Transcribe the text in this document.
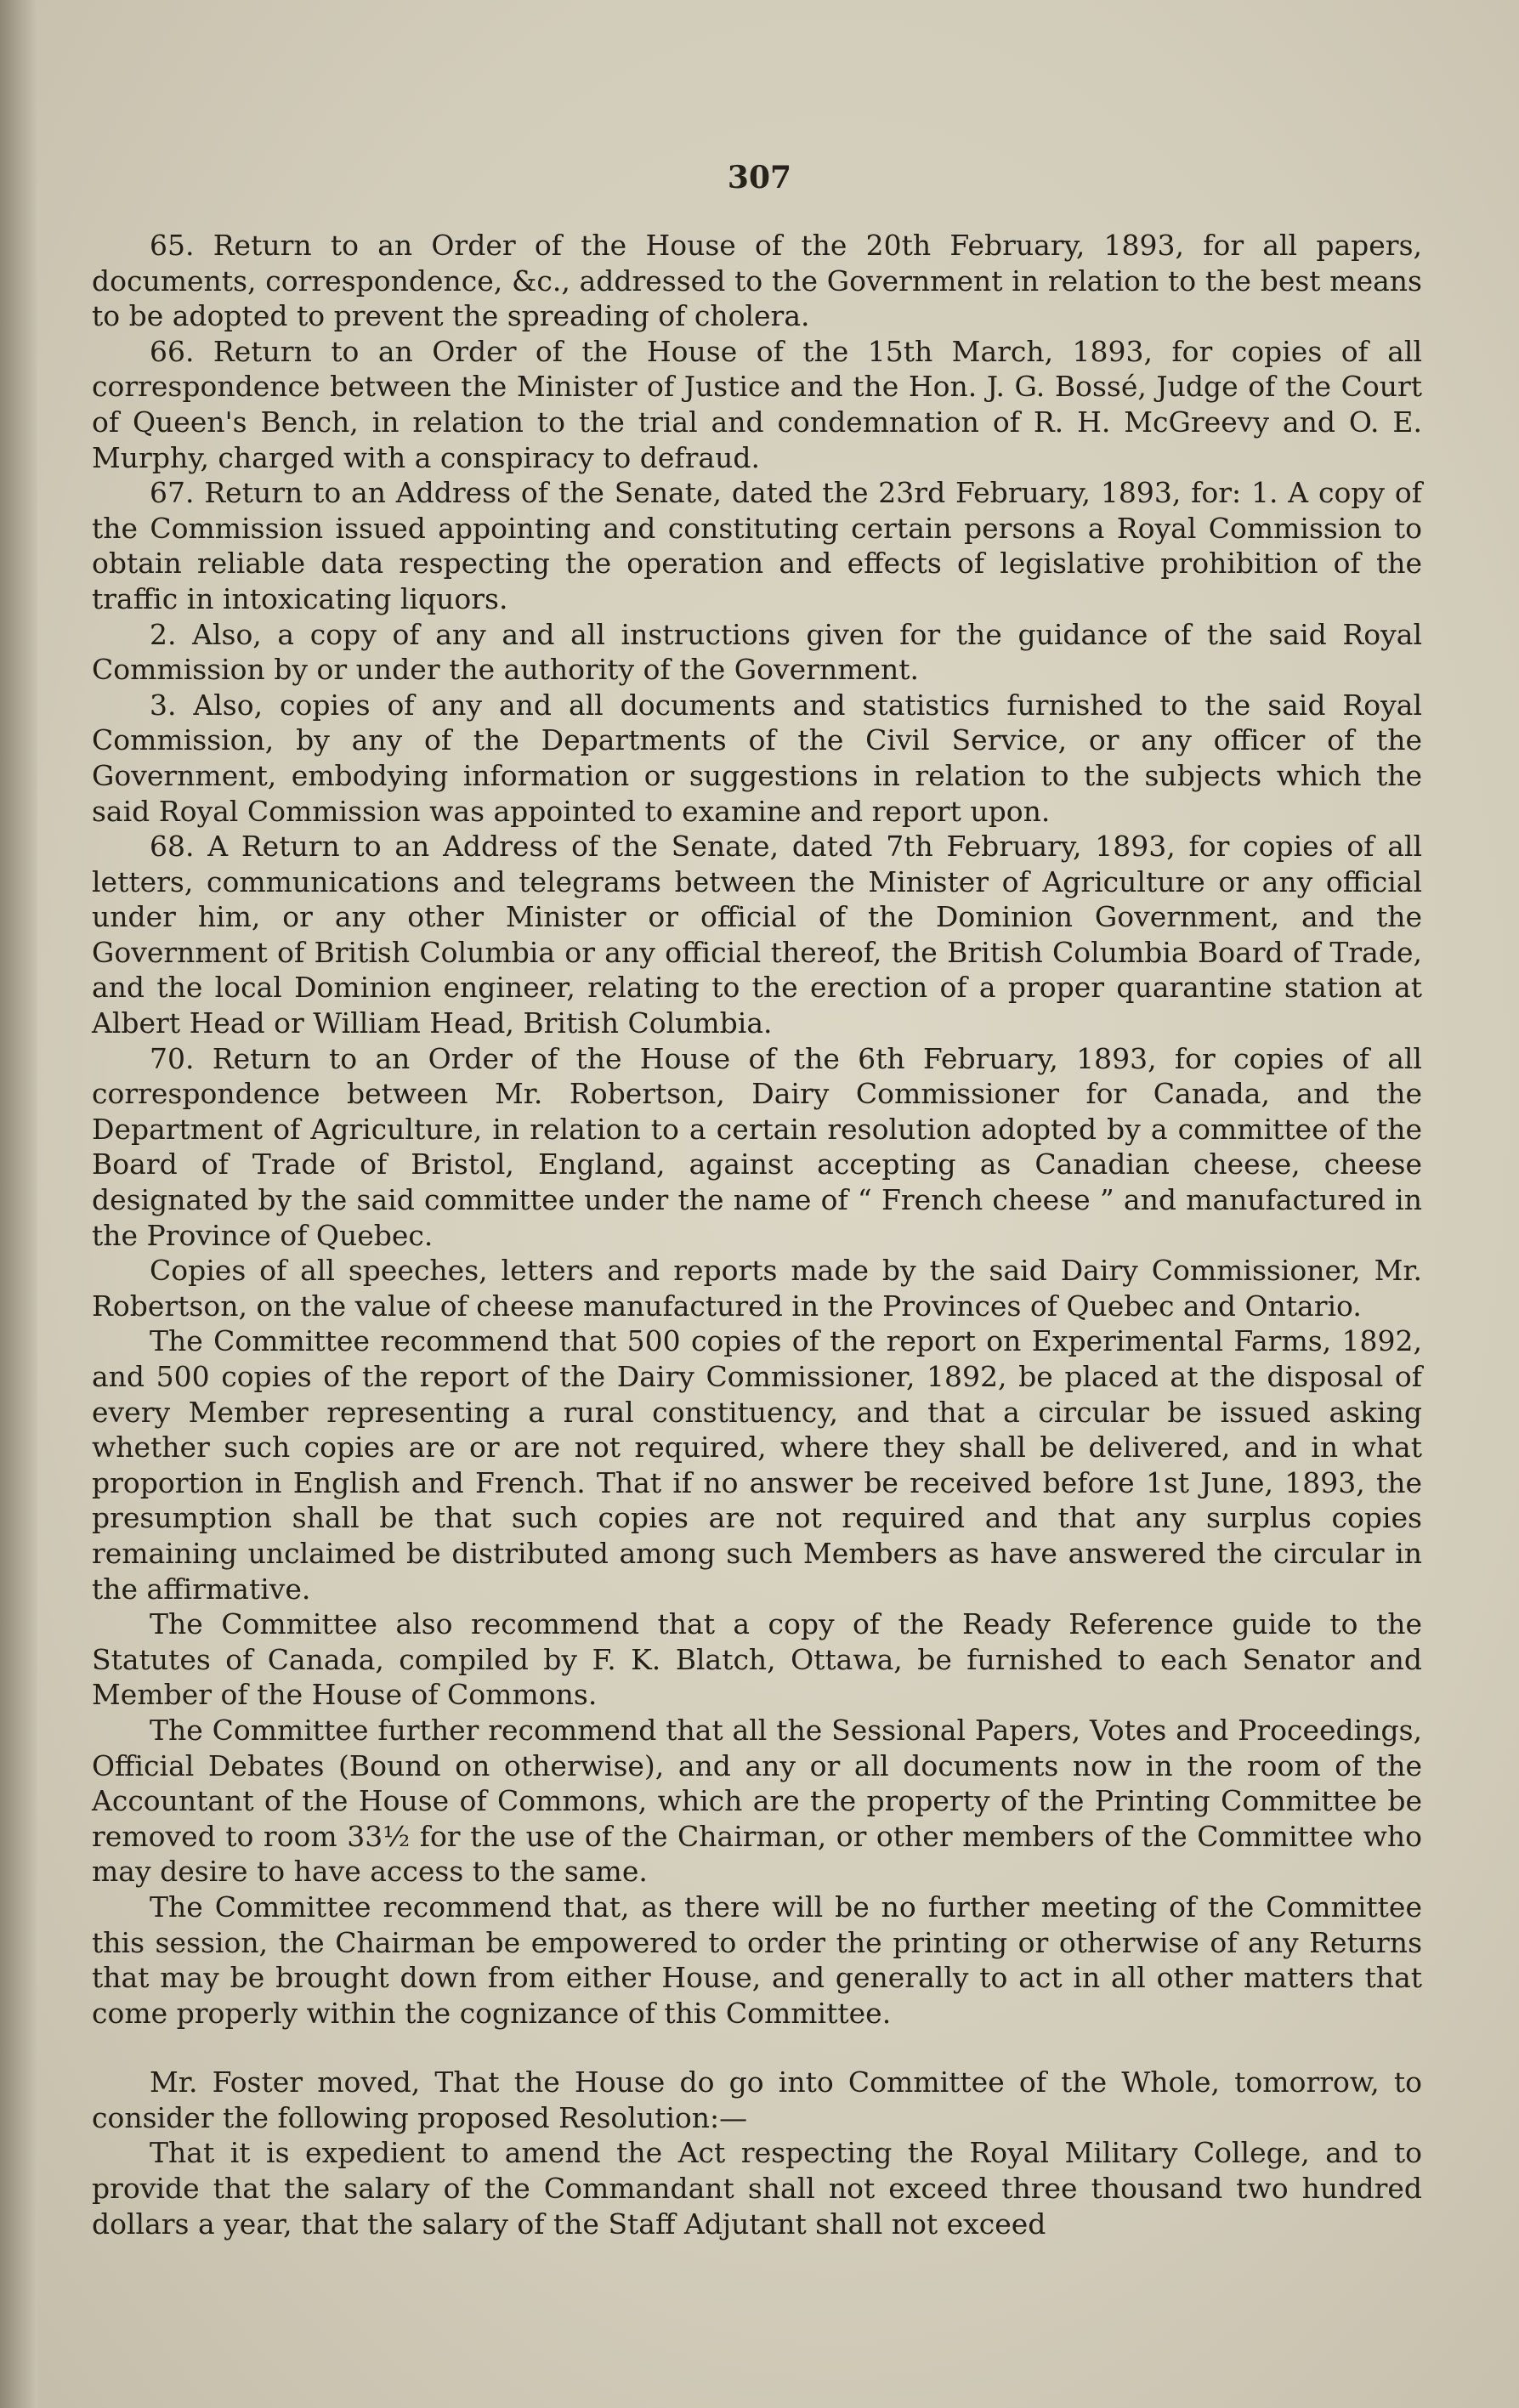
307

65. Return to an Order of the House of the 20th February, 1893, for all papers, documents, correspondence, &c., addressed to the Government in relation to the best means to be adopted to prevent the spreading of cholera.

66. Return to an Order of the House of the 15th March, 1893, for copies of all correspondence between the Minister of Justice and the Hon. J. G. Bossé, Judge of the Court of Queen's Bench, in relation to the trial and condemnation of R. H. McGreevy and O. E. Murphy, charged with a conspiracy to defraud.

67. Return to an Address of the Senate, dated the 23rd February, 1893, for: 1. A copy of the Commission issued appointing and constituting certain persons a Royal Commission to obtain reliable data respecting the operation and effects of legislative prohibition of the traffic in intoxicating liquors.

2. Also, a copy of any and all instructions given for the guidance of the said Royal Commission by or under the authority of the Government.

3. Also, copies of any and all documents and statistics furnished to the said Royal Commission, by any of the Departments of the Civil Service, or any officer of the Government, embodying information or suggestions in relation to the subjects which the said Royal Commission was appointed to examine and report upon.

68. A Return to an Address of the Senate, dated 7th February, 1893, for copies of all letters, communications and telegrams between the Minister of Agriculture or any official under him, or any other Minister or official of the Dominion Government, and the Government of British Columbia or any official thereof, the British Columbia Board of Trade, and the local Dominion engineer, relating to the erection of a proper quarantine station at Albert Head or William Head, British Columbia.

70. Return to an Order of the House of the 6th February, 1893, for copies of all correspondence between Mr. Robertson, Dairy Commissioner for Canada, and the Department of Agriculture, in relation to a certain resolution adopted by a committee of the Board of Trade of Bristol, England, against accepting as Canadian cheese, cheese designated by the said committee under the name of “ French cheese ” and manufactured in the Province of Quebec.

Copies of all speeches, letters and reports made by the said Dairy Commissioner, Mr. Robertson, on the value of cheese manufactured in the Provinces of Quebec and Ontario.

The Committee recommend that 500 copies of the report on Experimental Farms, 1892, and 500 copies of the report of the Dairy Commissioner, 1892, be placed at the disposal of every Member representing a rural constituency, and that a circular be issued asking whether such copies are or are not required, where they shall be delivered, and in what proportion in English and French. That if no answer be received before 1st June, 1893, the presumption shall be that such copies are not required and that any surplus copies remaining unclaimed be distributed among such Members as have answered the circular in the affirmative.

The Committee also recommend that a copy of the Ready Reference guide to the Statutes of Canada, compiled by F. K. Blatch, Ottawa, be furnished to each Senator and Member of the House of Commons.

The Committee further recommend that all the Sessional Papers, Votes and Proceedings, Official Debates (Bound on otherwise), and any or all documents now in the room of the Accountant of the House of Commons, which are the property of the Printing Committee be removed to room 33½ for the use of the Chairman, or other members of the Committee who may desire to have access to the same.

The Committee recommend that, as there will be no further meeting of the Committee this session, the Chairman be empowered to order the printing or otherwise of any Returns that may be brought down from either House, and generally to act in all other matters that come properly within the cognizance of this Committee.

Mr. Foster moved, That the House do go into Committee of the Whole, tomorrow, to consider the following proposed Resolution:—

That it is expedient to amend the Act respecting the Royal Military College, and to provide that the salary of the Commandant shall not exceed three thousand two hundred dollars a year, that the salary of the Staff Adjutant shall not exceed
